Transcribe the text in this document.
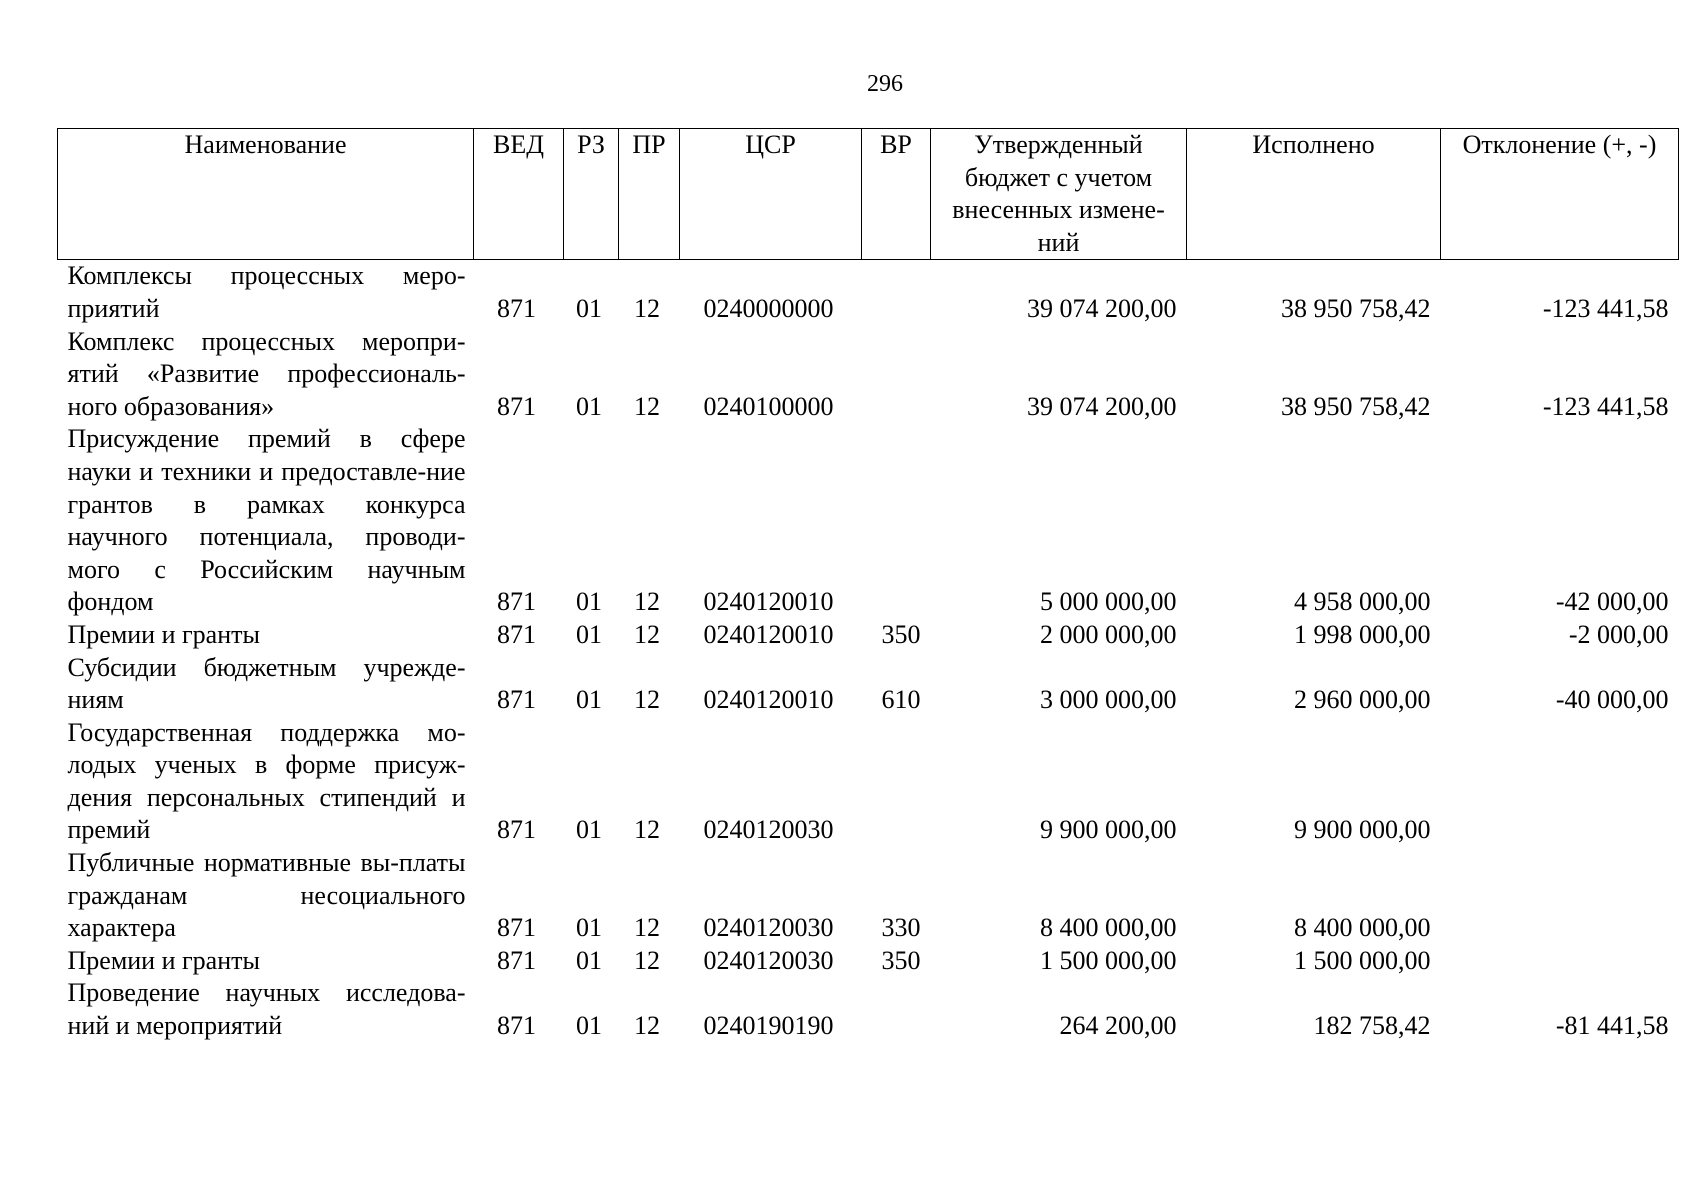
296
Наименование	ВЕД	РЗ	ПР	ЦСР	ВР	Утвержденный бюджет с учетом внесенных измене-ний	Исполнено	Отклонение (+, -)
Комплексы процессных меро-приятий	871	01	12	0240000000		39 074 200,00	38 950 758,42	-123 441,58
Комплекс процессных меропри-ятий «Развитие профессиональ-ного образования»	871	01	12	0240100000		39 074 200,00	38 950 758,42	-123 441,58
Присуждение премий в сфере науки и техники и предоставле-ние грантов в рамках конкурса научного потенциала, проводи-мого с Российским научным фондом	871	01	12	0240120010		5 000 000,00	4 958 000,00	-42 000,00
Премии и гранты	871	01	12	0240120010	350	2 000 000,00	1 998 000,00	-2 000,00
Субсидии бюджетным учрежде-ниям	871	01	12	0240120010	610	3 000 000,00	2 960 000,00	-40 000,00
Государственная поддержка мо-лодых ученых в форме присуж-дения персональных стипендий и премий	871	01	12	0240120030		9 900 000,00	9 900 000,00	
Публичные нормативные вы-платы гражданам несоциального характера	871	01	12	0240120030	330	8 400 000,00	8 400 000,00	
Премии и гранты	871	01	12	0240120030	350	1 500 000,00	1 500 000,00	
Проведение научных исследова-ний и мероприятий	871	01	12	0240190190		264 200,00	182 758,42	-81 441,58
